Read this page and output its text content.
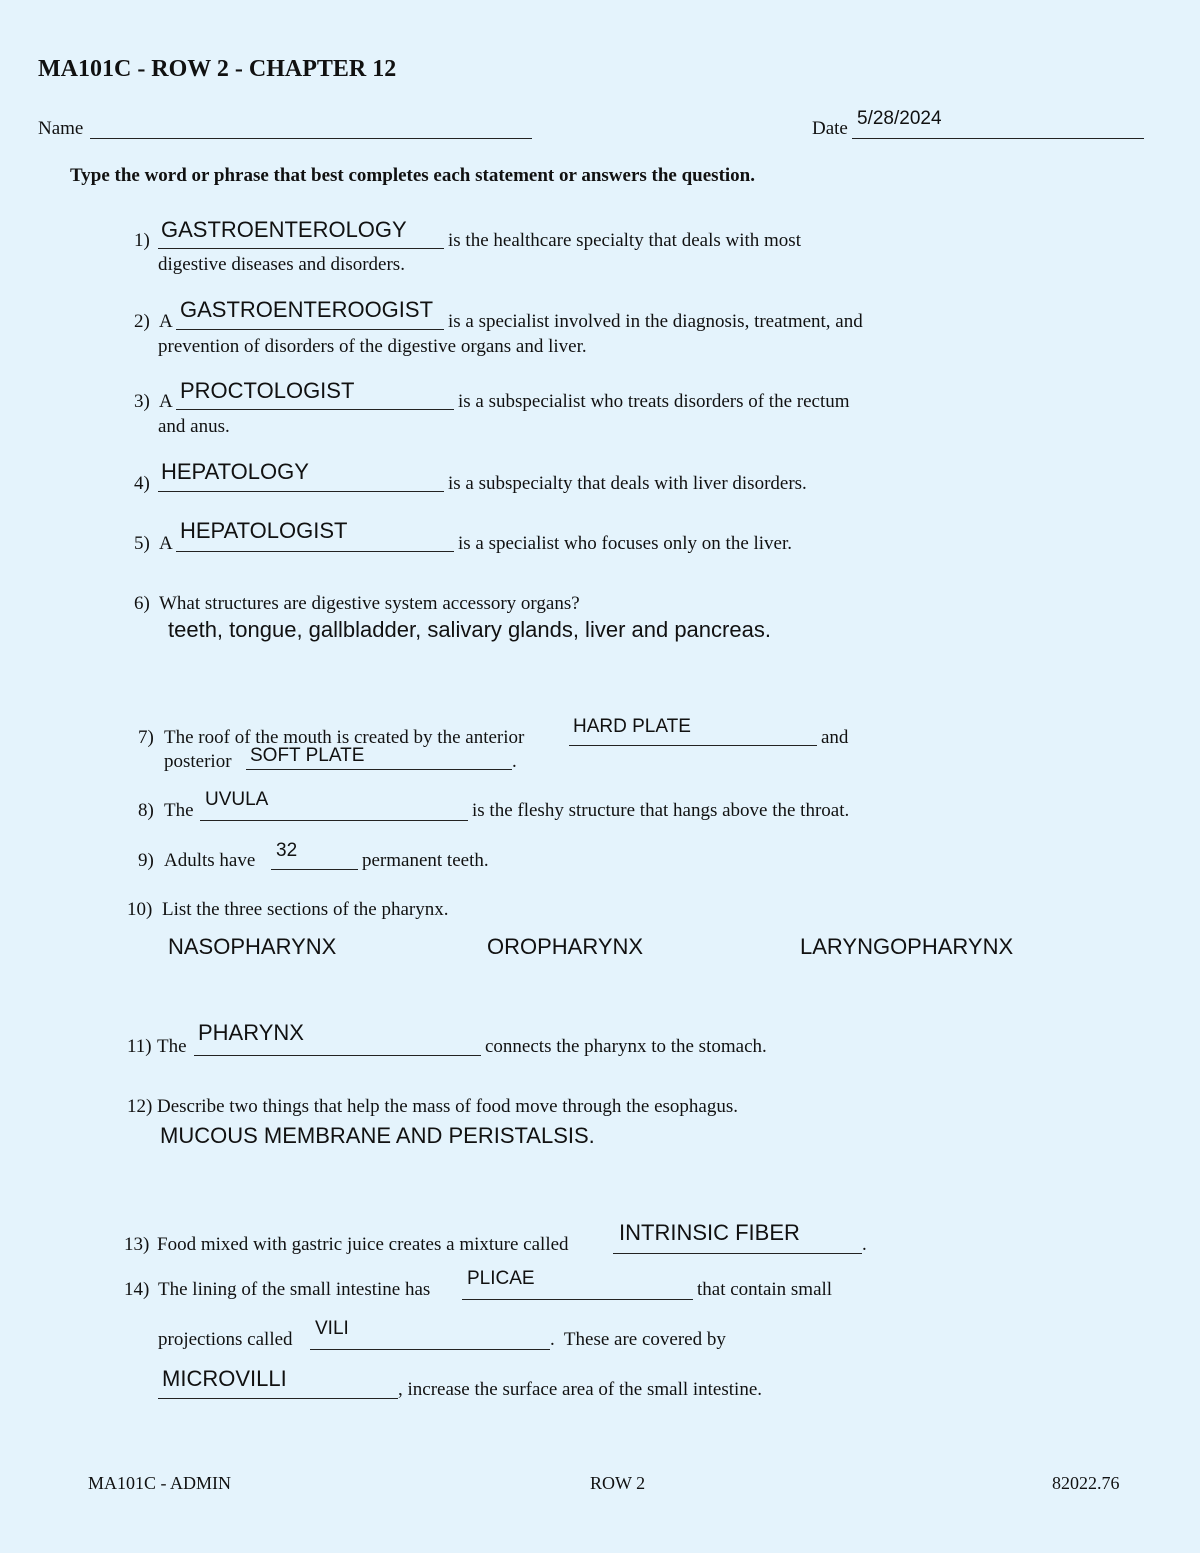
MA101C - ROW 2 - CHAPTER 12
Name	Date 5/28/2024
Type the word or phrase that best completes each statement or answers the question.
1) GASTROENTEROLOGY is the healthcare specialty that deals with most
digestive diseases and disorders.
2) A GASTROENTEROOGIST is a specialist involved in the diagnosis, treatment, and
prevention of disorders of the digestive organs and liver.
3) A PROCTOLOGIST	is a subspecialist who treats disorders of the rectum
and anus.
4) HEPATOLOGY	is a subspecialty that deals with liver disorders.
5) A
HEPATOLOGIST
is a specialist who focuses only on the liver.
6) What structures are digestive system accessory organs?
teeth, tongue, gallbladder, salivary glands, liver and pancreas.
7) The roof of the mouth is created by the anterior
HARD PLATE
and
posterior SOFT PLATE	.
8) The
UVULA
is the fleshy structure that hangs above the throat.
9) Adults have 32	permanent teeth.
10) List the three sections of the pharynx.
NASOPHARYNX	OROPHARYNX	LARYNGOPHARYNX
11) The
PHARYNX
connects the pharynx to the stomach.
12) Describe two things that help the mass of food move through the esophagus.
MUCOUS MEMBRANE AND PERISTALSIS.
13) Food mixed with gastric juice creates a mixture called INTRINSIC FIBER	.
14) The lining of the small intestine has
PLICAE
that contain small
projections called
VILI
.  These are covered by
MICROVILLI	, increase the surface area of the small intestine.
MA101C - ADMIN	ROW 2	82022.76
